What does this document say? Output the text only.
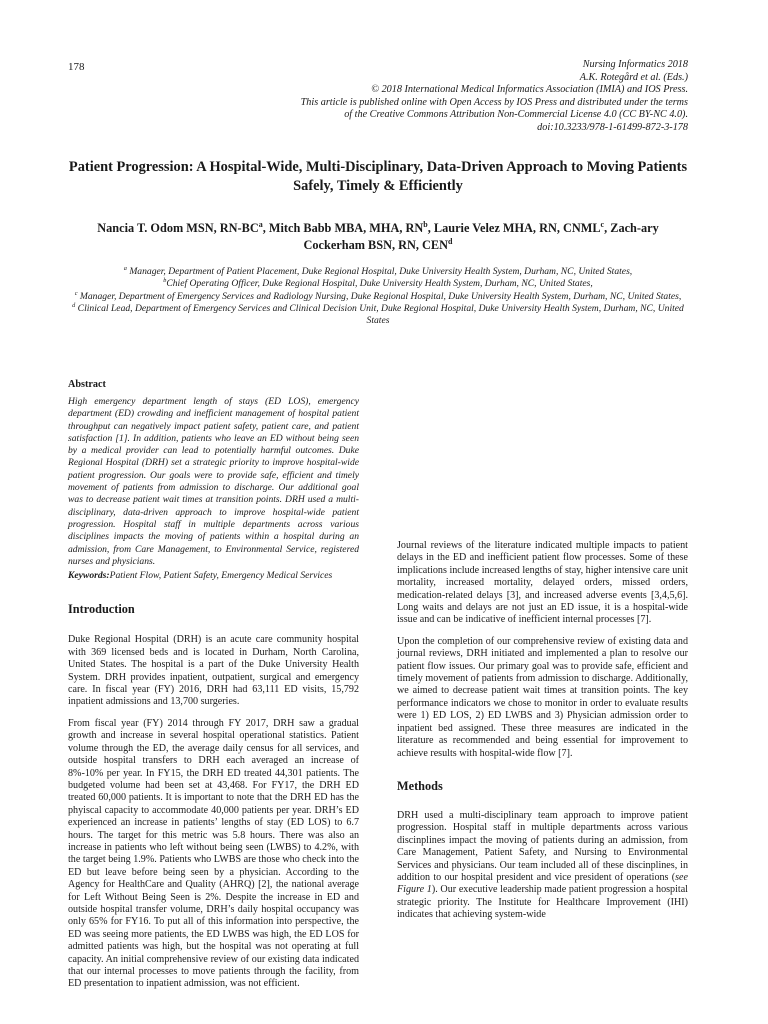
178	Nursing Informatics 2018
A.K. Rotegård et al. (Eds.)
© 2018 International Medical Informatics Association (IMIA) and IOS Press.
This article is published online with Open Access by IOS Press and distributed under the terms
of the Creative Commons Attribution Non-Commercial License 4.0 (CC BY-NC 4.0).
doi:10.3233/978-1-61499-872-3-178
Patient Progression: A Hospital-Wide, Multi-Disciplinary, Data-Driven Approach to Moving Patients Safely, Timely & Efficiently
Nancia T. Odom MSN, $RN-BC^a$, Mitch Babb MBA, MHA, $RN^b$, Laurie Velez MHA, RN, CNML$^c$, Zach-ary Cockerham BSN, RN, CEN$^d$
$^a$ Manager, Department of Patient Placement, Duke Regional Hospital, Duke University Health System, Durham, NC, United States,
$^b$Chief Operating Officer, Duke Regional Hospital, Duke University Health System, Durham, NC, United States,
$^c$ Manager, Department of Emergency Services and Radiology Nursing, Duke Regional Hospital, Duke University Health System, Durham, NC, United States,
$^d$ Clinical Lead, Department of Emergency Services and Clinical Decision Unit, Duke Regional Hospital, Duke University Health System, Durham, NC, United States
Abstract

High emergency department length of stays (ED LOS), emergency department (ED) crowding and inefficient management of hospital patient throughput can negatively impact patient safety, patient care, and patient satisfaction [1]. In addition, patients who leave an ED without being seen by a medical provider can lead to potentially harmful outcomes. Duke Regional Hospital (DRH) set a strategic priority to improve hospital-wide patient progression. Our goals were to provide safe, efficient and timely movement of patients from admission to discharge. Our additional goal was to decrease patient wait times at transition points. DRH used a multi-disciplinary, data-driven approach to improve hospital-wide patient progression. Hospital staff in multiple departments across various disciplines impacts the moving of patients within a hospital during an admission, from Care Management, to Environmental Service, registered nurses and physicians.

Keywords:Patient Flow, Patient Safety, Emergency Medical Services

Introduction

Duke Regional Hospital (DRH) is an acute care community hospital with 369 licensed beds and is located in Durham, North Carolina, United States. The hospital is a part of the Duke University Health System. DRH provides inpatient, outpatient, surgical and emergency care. In fiscal year (FY) 2016, DRH had 63,111 ED visits, 15,792 inpatient admissions and 13,700 surgeries.

From fiscal year (FY) 2014 through FY 2017, DRH saw a gradual growth and increase in several hospital operational statistics. Patient volume through the ED, the average daily census for all services, and outside hospital transfers to DRH each averaged an increase of 8%-10% per year. In FY15, the DRH ED treated 44,301 patients. The budgeted volume had been set at 43,468. For FY17, the DRH ED treated 60,000 patients. It is important to note that the DRH ED has the phyiscal capacity to accommodate 40,000 patients per year. DRH’s ED experienced an increase in patients’ lengths of stay (ED LOS) to 6.7 hours. The target for this metric was 5.8 hours. There was also an increase in patients who left without being seen (LWBS) to 4.2%, with the target being 1.9%. Patients who LWBS are those who check into the ED but leave before being seen by a physician. According to the Agency for HealthCare and Quality (AHRQ) [2], the national average for Left Without Being Seen is 2%. Despite the increase in ED and outside hospital transfer volume, DRH’s daily hospital occupancy was only 65% for FY16. To put all of this information into perspective, the ED was seeing more patients, the ED LWBS was high, the ED LOS for admitted patients was high, but the hospital was not operating at full capacity. An initial comprehensive review of our existing data indicated that our internal processes to move patients through the facility, from ED presentation to inpatient admission, was not efficient.

Journal reviews of the literature indicated multiple impacts to patient delays in the ED and inefficient patient flow processes. Some of these implications include increased lengths of stay, higher intensive care unit mortality, increased mortality, delayed orders, missed orders, medication-related delays [3], and increased adverse events [3,4,5,6]. Long waits and delays are not just an ED issue, it is a hospital-wide issue and can be indicative of inefficient internal processes [7].

Upon the completion of our comprehensive review of existing data and journal reviews, DRH initiated and implemented a plan to resolve our patient flow issues. Our primary goal was to provide safe, efficient and timely movement of patients from admission to discharge. Additionally, we aimed to decrease patient wait times at transition points. The key performance indicators we chose to monitor in order to evaluate results were 1) ED LOS, 2) ED LWBS and 3) Physician admission order to inpatient bed assigned. These three measures are indicated in the literature as recommended and being essential for improvement to achieve results with hospital-wide flow [7].

Methods

DRH used a multi-disciplinary team approach to improve patient progression. Hospital staff in multiple departments across various discinplines impact the moving of patients during an admission, from Care Management, Patient Safety, and Nursing to Environmental Services and physicians. Our team included all of these discinplines, in addition to our hospital president and vice president of operations (see Figure 1). Our executive leadership made patient progression a hospital strategic priority. The Institute for Healthcare Improvement (IHI) indicates that achieving system-wide
